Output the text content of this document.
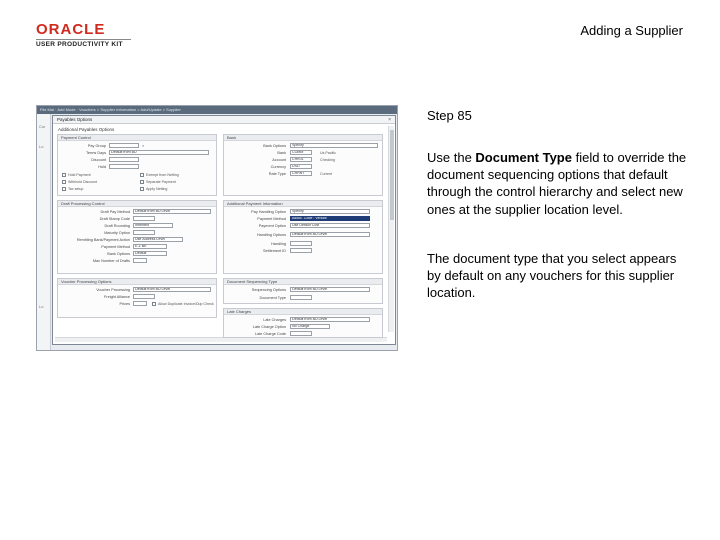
ORACLE
USER PRODUCTIVITY KIT
Adding a Supplier
File Mai · Add Mode · Vouchers > Supplier Information > Add/Update > Supplier
Cor
Lo
Lo
Payables Options	×
Additional Payables Options
Payment Control
Pay Group	⌕
Terms Days	Default from BU
Discount
Hold
Hold Payment
Withhold Discount
Tax setup
Exempt from Netting
Separate Payment
Apply Netting
Bank
Bank Options	Specify
Bank	COMM	Us Pacific
Account	CHK01	Checking
Currency	USD
Rate Type	CRRNT	Current
Draft Processing Control
Draft Pay Method	Default from BU Level
Draft Stamp Code
Draft Rounding	Inherited
Maturity Option
Remitting Bank/Payment Action	Use Address Level
Payment Method	E-Z BK
Bank Options	Default
Max Number of Drafts
Additional Payment Information
Pay Handling Option	Specify
Payment Method	Assoc. Code : Vendor
Payment Option	Use Default Cost
Handling Options	Default from BU Level
Handling
Settlement ID
Voucher Processing Options
Voucher Processing	Default from BU Level
Freight Alliance
Prices	Allow Duplicate Invoice/Dup Check
Document Sequencing Type
Sequencing Options	Default from BU Level
Document Type
Late Charges
Late Charges	Default from BU Level
Late Charge Option	No Charge
Late Charge Code
Step 85
Use the Document Type field to override the document sequencing options that default through the control hierarchy and select new ones at the supplier location level.
The document type that you select appears by default on any vouchers for this supplier location.
